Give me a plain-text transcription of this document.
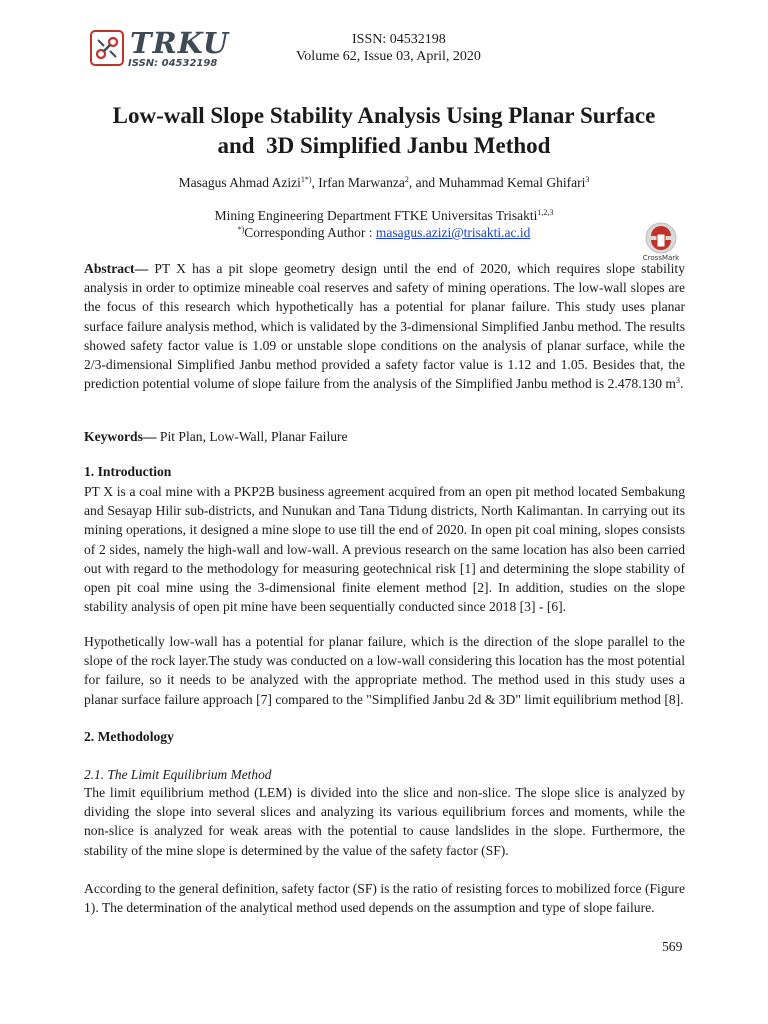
TRKU
ISSN: 04532198
ISSN: 04532198
Volume 62, Issue 03, April, 2020
Low-wall Slope Stability Analysis Using Planar Surface
and  3D Simplified Janbu Method
Masagus Ahmad Azizi$^{1*)}$, Irfan Marwanza$^2$, and Muhammad Kemal Ghifari$^3$
Mining Engineering Department FTKE Universitas Trisakti$^{1,2,3}$
*)Corresponding Author : masagus.azizi@trisakti.ac.id
CrossMark
Abstract— PT X has a pit slope geometry design until the end of 2020, which requires slope stability analysis in order to optimize mineable coal reserves and safety of mining operations. The low-wall slopes are the focus of this research which hypothetically has a potential for planar failure. This study uses planar surface failure analysis method, which is validated by the 3-dimensional Simplified Janbu method. The results showed safety factor value is 1.09 or unstable slope conditions on the analysis of planar surface, while the 2/3-dimensional Simplified Janbu method provided a safety factor value is 1.12 and 1.05. Besides that, the prediction potential volume of slope failure from the analysis of the Simplified Janbu method is 2.478.130 $m^3$.
Keywords— Pit Plan, Low-Wall, Planar Failure
1. Introduction
PT X is a coal mine with a PKP2B business agreement acquired from an open pit method located Sembakung and Sesayap Hilir sub-districts, and Nunukan and Tana Tidung districts, North Kalimantan. In carrying out its mining operations, it designed a mine slope to use till the end of 2020. In open pit coal mining, slopes consists of 2 sides, namely the high-wall and low-wall. A previous research on the same location has also been carried out with regard to the methodology for measuring geotechnical risk [1] and determining the slope stability of open pit coal mine using the 3-dimensional finite element method [2]. In addition, studies on the slope stability analysis of open pit mine have been sequentially conducted since 2018 [3] - [6].
Hypothetically low-wall has a potential for planar failure, which is the direction of the slope parallel to the slope of the rock layer.The study was conducted on a low-wall considering this location has the most potential for failure, so it needs to be analyzed with the appropriate method. The method used in this study uses a planar surface failure approach [7] compared to the "Simplified Janbu 2d & 3D" limit equilibrium method [8].
2. Methodology
2.1. The Limit Equilibrium Method
The limit equilibrium method (LEM) is divided into the slice and non-slice. The slope slice is analyzed by dividing the slope into several slices and analyzing its various equilibrium forces and moments, while the non-slice is analyzed for weak areas with the potential to cause landslides in the slope. Furthermore, the stability of the mine slope is determined by the value of the safety factor (SF).
According to the general definition, safety factor (SF) is the ratio of resisting forces to mobilized force (Figure 1). The determination of the analytical method used depends on the assumption and type of slope failure.
569
